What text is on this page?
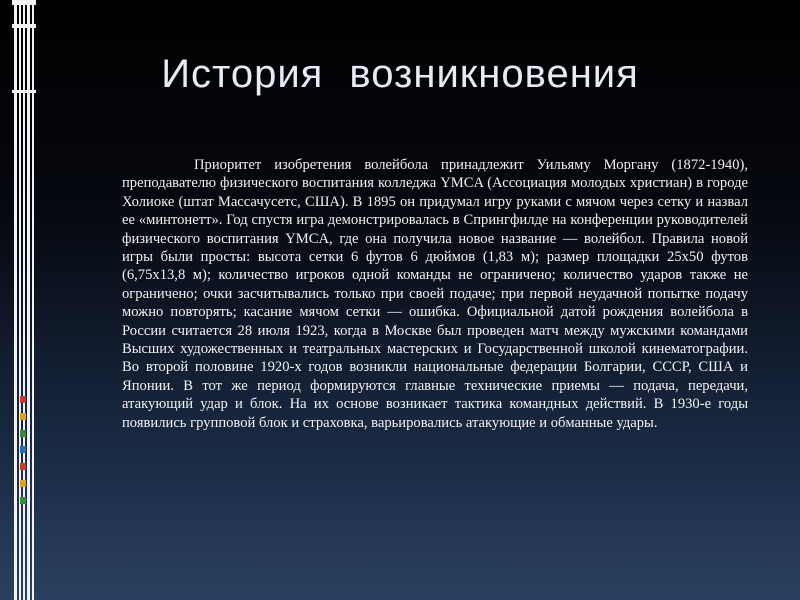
История возникновения

Приоритет изобретения волейбола принадлежит Уильяму Моргану (1872-1940), преподавателю физического воспитания колледжа YMCA (Ассоциация молодых христиан) в городе Холиоке (штат Массачусетс, США). В 1895 он придумал игру руками с мячом через сетку и назвал ее «минтонетт». Год спустя игра демонстрировалась в Спрингфилде на конференции руководителей физического воспитания YMCA, где она получила новое название — волейбол. Правила новой игры были просты: высота сетки 6 футов 6 дюймов (1,83 м); размер площадки 25х50 футов (6,75х13,8 м); количество игроков одной команды не ограничено; количество ударов также не ограничено; очки засчитывались только при своей подаче; при первой неудачной попытке подачу можно повторять; касание мячом сетки — ошибка. Официальной датой рождения волейбола в России считается 28 июля 1923, когда в Москве был проведен матч между мужскими командами Высших художественных и театральных мастерских и Государственной школой кинематографии. Во второй половине 1920-х годов возникли национальные федерации Болгарии, СССР, США и Японии. В тот же период формируются главные технические приемы — подача, передачи, атакующий удар и блок. На их основе возникает тактика командных действий. В 1930-е годы появились групповой блок и страховка, варьировались атакующие и обманные удары.
